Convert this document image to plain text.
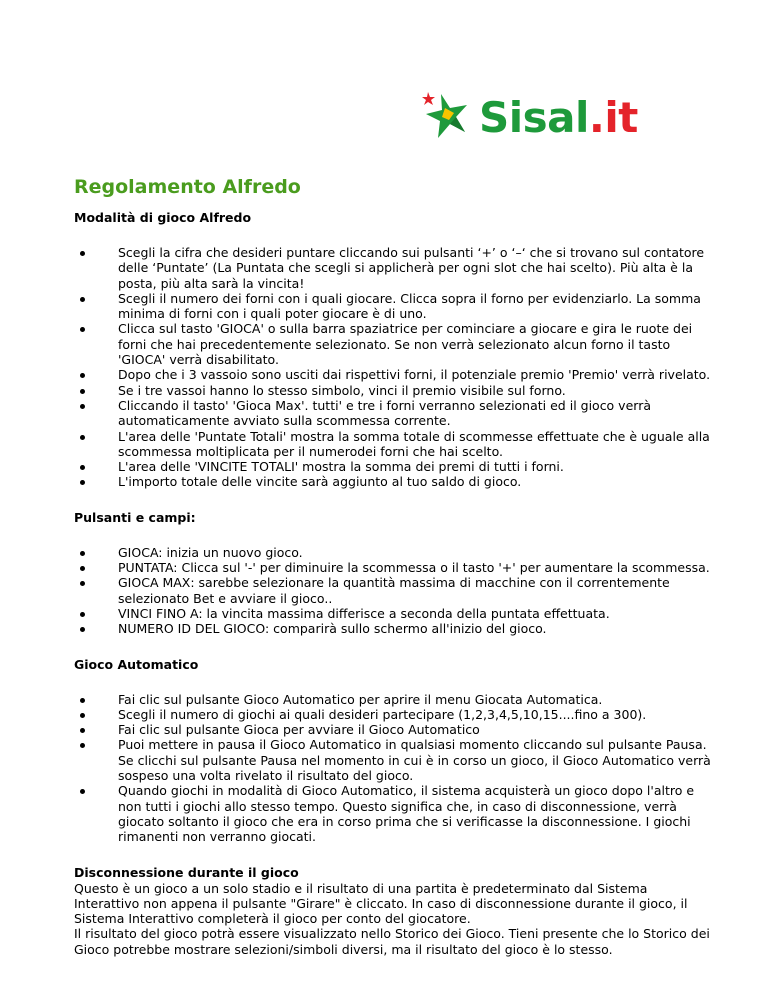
Sisal.it
Regolamento Alfredo
Modalità di gioco Alfredo
Scegli la cifra che desideri puntare cliccando sui pulsanti ‘+’ o ‘–‘ che si trovano sul contatore delle ‘Puntate’ (La Puntata che scegli si applicherà per ogni slot che hai scelto). Più alta è la posta, più alta sarà la vincita!
Scegli il numero dei forni con i quali giocare. Clicca sopra il forno per evidenziarlo. La somma minima di forni con i quali poter giocare è di uno.
Clicca sul tasto 'GIOCA' o sulla barra spaziatrice per cominciare a giocare e gira le ruote dei forni che hai precedentemente selezionato. Se non verrà selezionato alcun forno il tasto 'GIOCA' verrà disabilitato.
Dopo che i 3 vassoio sono usciti dai rispettivi forni, il potenziale premio 'Premio' verrà rivelato.
Se i tre vassoi hanno lo stesso simbolo, vinci il premio visibile sul forno.
Cliccando il tasto' 'Gioca Max'. tutti' e tre i forni verranno selezionati ed il gioco verrà automaticamente avviato sulla scommessa corrente.
L'area delle 'Puntate Totali' mostra la somma totale di scommesse effettuate che è uguale alla scommessa moltiplicata per il numerodei forni che hai scelto.
L'area delle 'VINCITE TOTALI' mostra la somma dei premi di tutti i forni.
L'importo totale delle vincite sarà aggiunto al tuo saldo di gioco.
Pulsanti e campi:
GIOCA: inizia un nuovo gioco.
PUNTATA: Clicca sul '-' per diminuire la scommessa o il tasto '+' per aumentare la scommessa.
GIOCA MAX: sarebbe selezionare la quantità massima di macchine con il correntemente selezionato Bet e avviare il gioco..
VINCI FINO A: la vincita massima differisce a seconda della puntata effettuata.
NUMERO ID DEL GIOCO: comparirà sullo schermo all'inizio del gioco.
Gioco Automatico
Fai clic sul pulsante Gioco Automatico per aprire il menu Giocata Automatica.
Scegli il numero di giochi ai quali desideri partecipare (1,2,3,4,5,10,15....fino a 300).
Fai clic sul pulsante Gioca per avviare il Gioco Automatico
Puoi mettere in pausa il Gioco Automatico in qualsiasi momento cliccando sul pulsante Pausa. Se clicchi sul pulsante Pausa nel momento in cui è in corso un gioco, il Gioco Automatico verrà sospeso una volta rivelato il risultato del gioco.
Quando giochi in modalità di Gioco Automatico, il sistema acquisterà un gioco dopo l'altro e non tutti i giochi allo stesso tempo. Questo significa che, in caso di disconnessione, verrà giocato soltanto il gioco che era in corso prima che si verificasse la disconnessione. I giochi rimanenti non verranno giocati.
Disconnessione durante il gioco

Questo è un gioco a un solo stadio e il risultato di una partita è predeterminato dal Sistema Interattivo non appena il pulsante "Girare" è cliccato. In caso di disconnessione durante il gioco, il Sistema Interattivo completerà il gioco per conto del giocatore.
Il risultato del gioco potrà essere visualizzato nello Storico dei Gioco. Tieni presente che lo Storico dei Gioco potrebbe mostrare selezioni/simboli diversi, ma il risultato del gioco è lo stesso.
